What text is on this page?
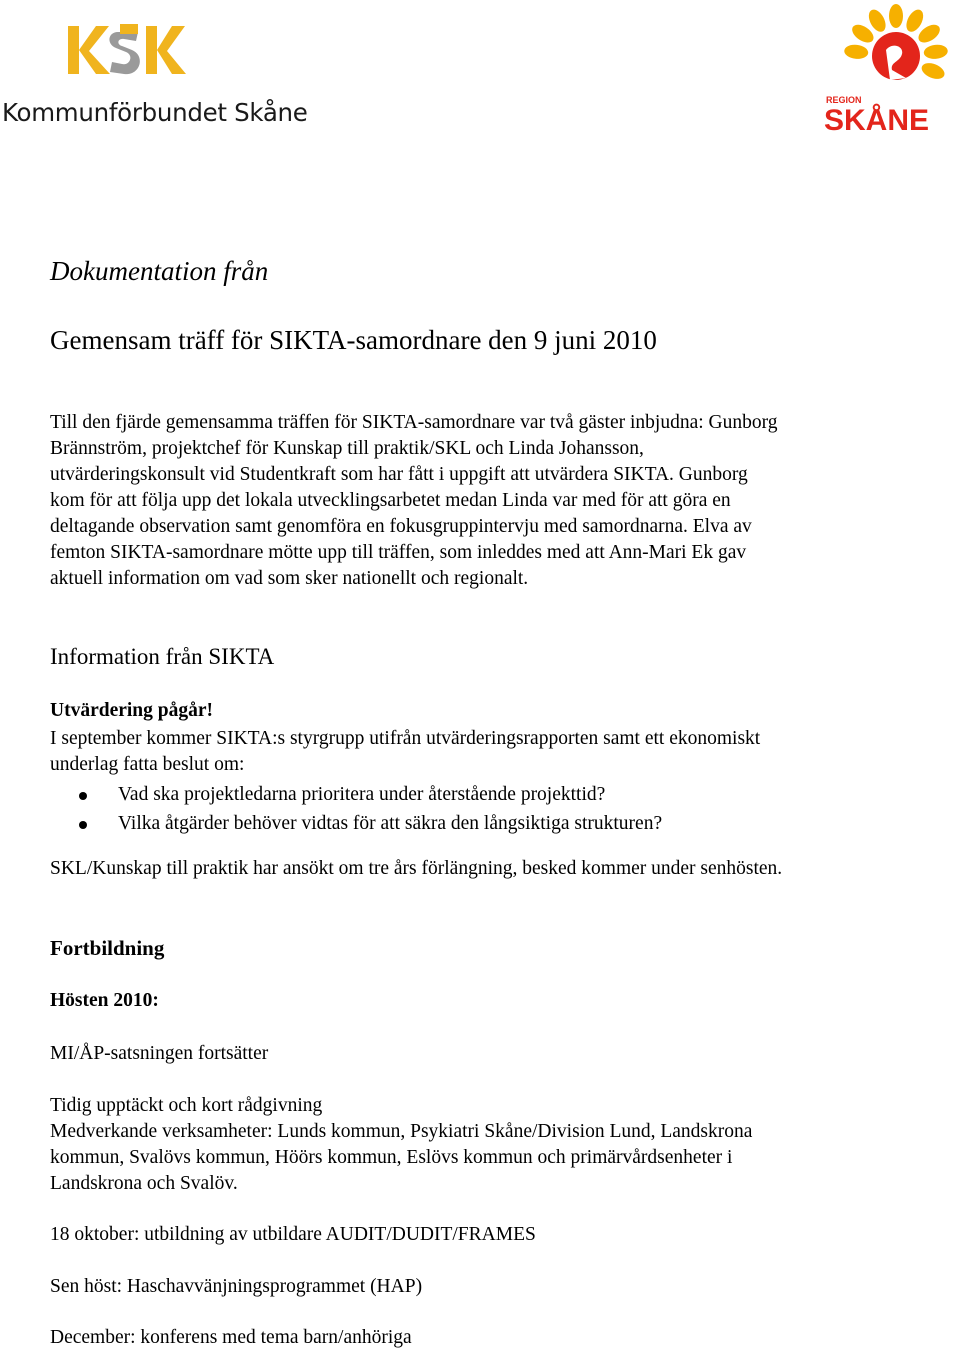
Kommunförbundet Skåne	REGION
SKÅNE
Dokumentation från
Gemensam träff för SIKTA-samordnare den 9 juni 2010

Till den fjärde gemensamma träffen för SIKTA-samordnare var två gäster inbjudna: Gunborg
Brännström, projektchef för Kunskap till praktik/SKL och Linda Johansson,
utvärderingskonsult vid Studentkraft som har fått i uppgift att utvärdera SIKTA. Gunborg
kom för att följa upp det lokala utvecklingsarbetet medan Linda var med för att göra en
deltagande observation samt genomföra en fokusgruppintervju med samordnarna. Elva av
femton SIKTA-samordnare mötte upp till träffen, som inleddes med att Ann-Mari Ek gav
aktuell information om vad som sker nationellt och regionalt.

Information från SIKTA

Utvärdering pågår!

I september kommer SIKTA:s styrgrupp utifrån utvärderingsrapporten samt ett ekonomiskt
underlag fatta beslut om:

Vad ska projektledarna prioritera under återstående projekttid?
Vilka åtgärder behöver vidtas för att säkra den långsiktiga strukturen?

SKL/Kunskap till praktik har ansökt om tre års förlängning, besked kommer under senhösten.

Fortbildning

Hösten 2010:

MI/ÅP-satsningen fortsätter

Tidig upptäckt och kort rådgivning

Medverkande verksamheter: Lunds kommun, Psykiatri Skåne/Division Lund, Landskrona
kommun, Svalövs kommun, Höörs kommun, Eslövs kommun och primärvårdsenheter i
Landskrona och Svalöv.

18 oktober: utbildning av utbildare AUDIT/DUDIT/FRAMES

Sen höst: Haschavvänjningsprogrammet (HAP)

December: konferens med tema barn/anhöriga
